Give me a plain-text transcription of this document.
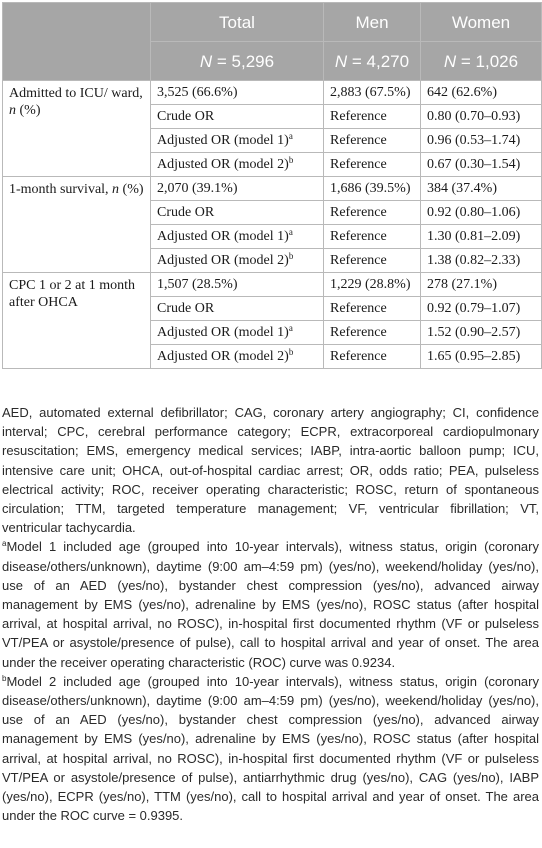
	Total	Men	Women
	N = 5,296	N = 4,270	N = 1,026
Admitted to ICU/ ward, n (%)	3,525 (66.6%)	2,883 (67.5%)	642 (62.6%)
	Crude OR	Reference	0.80 (0.70–0.93)
	Adjusted OR (model 1)$^a$	Reference	0.96 (0.53–1.74)
	Adjusted OR (model 2)$^b$	Reference	0.67 (0.30–1.54)
1-month survival, n (%)	2,070 (39.1%)	1,686 (39.5%)	384 (37.4%)
	Crude OR	Reference	0.92 (0.80–1.06)
	Adjusted OR (model 1)$^a$	Reference	1.30 (0.81–2.09)
	Adjusted OR (model 2)$^b$	Reference	1.38 (0.82–2.33)
CPC 1 or 2 at 1 month after OHCA	1,507 (28.5%)	1,229 (28.8%)	278 (27.1%)
	Crude OR	Reference	0.92 (0.79–1.07)
	Adjusted OR (model 1)$^a$	Reference	1.52 (0.90–2.57)
	Adjusted OR (model 2)$^b$	Reference	1.65 (0.95–2.85)

AED, automated external defibrillator; CAG, coronary artery angiography; CI, confidence interval; CPC, cerebral performance category; ECPR, extracorporeal cardiopulmonary resuscitation; EMS, emergency medical services; IABP, intra-aortic balloon pump; ICU, intensive care unit; OHCA, out-of-hospital cardiac arrest; OR, odds ratio; PEA, pulseless electrical activity; ROC, receiver operating characteristic; ROSC, return of spontaneous circulation; TTM, targeted temperature management; VF, ventricular fibrillation; VT, ventricular tachycardia.

$^a$Model 1 included age (grouped into 10-year intervals), witness status, origin (coronary disease/others/unknown), daytime (9:00 am–4:59 pm) (yes/no), weekend/holiday (yes/no), use of an AED (yes/no), bystander chest compression (yes/no), advanced airway management by EMS (yes/no), adrenaline by EMS (yes/no), ROSC status (after hospital arrival, at hospital arrival, no ROSC), in-hospital first documented rhythm (VF or pulseless VT/PEA or asystole/presence of pulse), call to hospital arrival and year of onset. The area under the receiver operating characteristic (ROC) curve was 0.9234.

$^b$Model 2 included age (grouped into 10-year intervals), witness status, origin (coronary disease/others/unknown), daytime (9:00 am–4:59 pm) (yes/no), weekend/holiday (yes/no), use of an AED (yes/no), bystander chest compression (yes/no), advanced airway management by EMS (yes/no), adrenaline by EMS (yes/no), ROSC status (after hospital arrival, at hospital arrival, no ROSC), in-hospital first documented rhythm (VF or pulseless VT/PEA or asystole/presence of pulse), antiarrhythmic drug (yes/no), CAG (yes/no), IABP (yes/no), ECPR (yes/no), TTM (yes/no), call to hospital arrival and year of onset. The area under the ROC curve = 0.9395.
